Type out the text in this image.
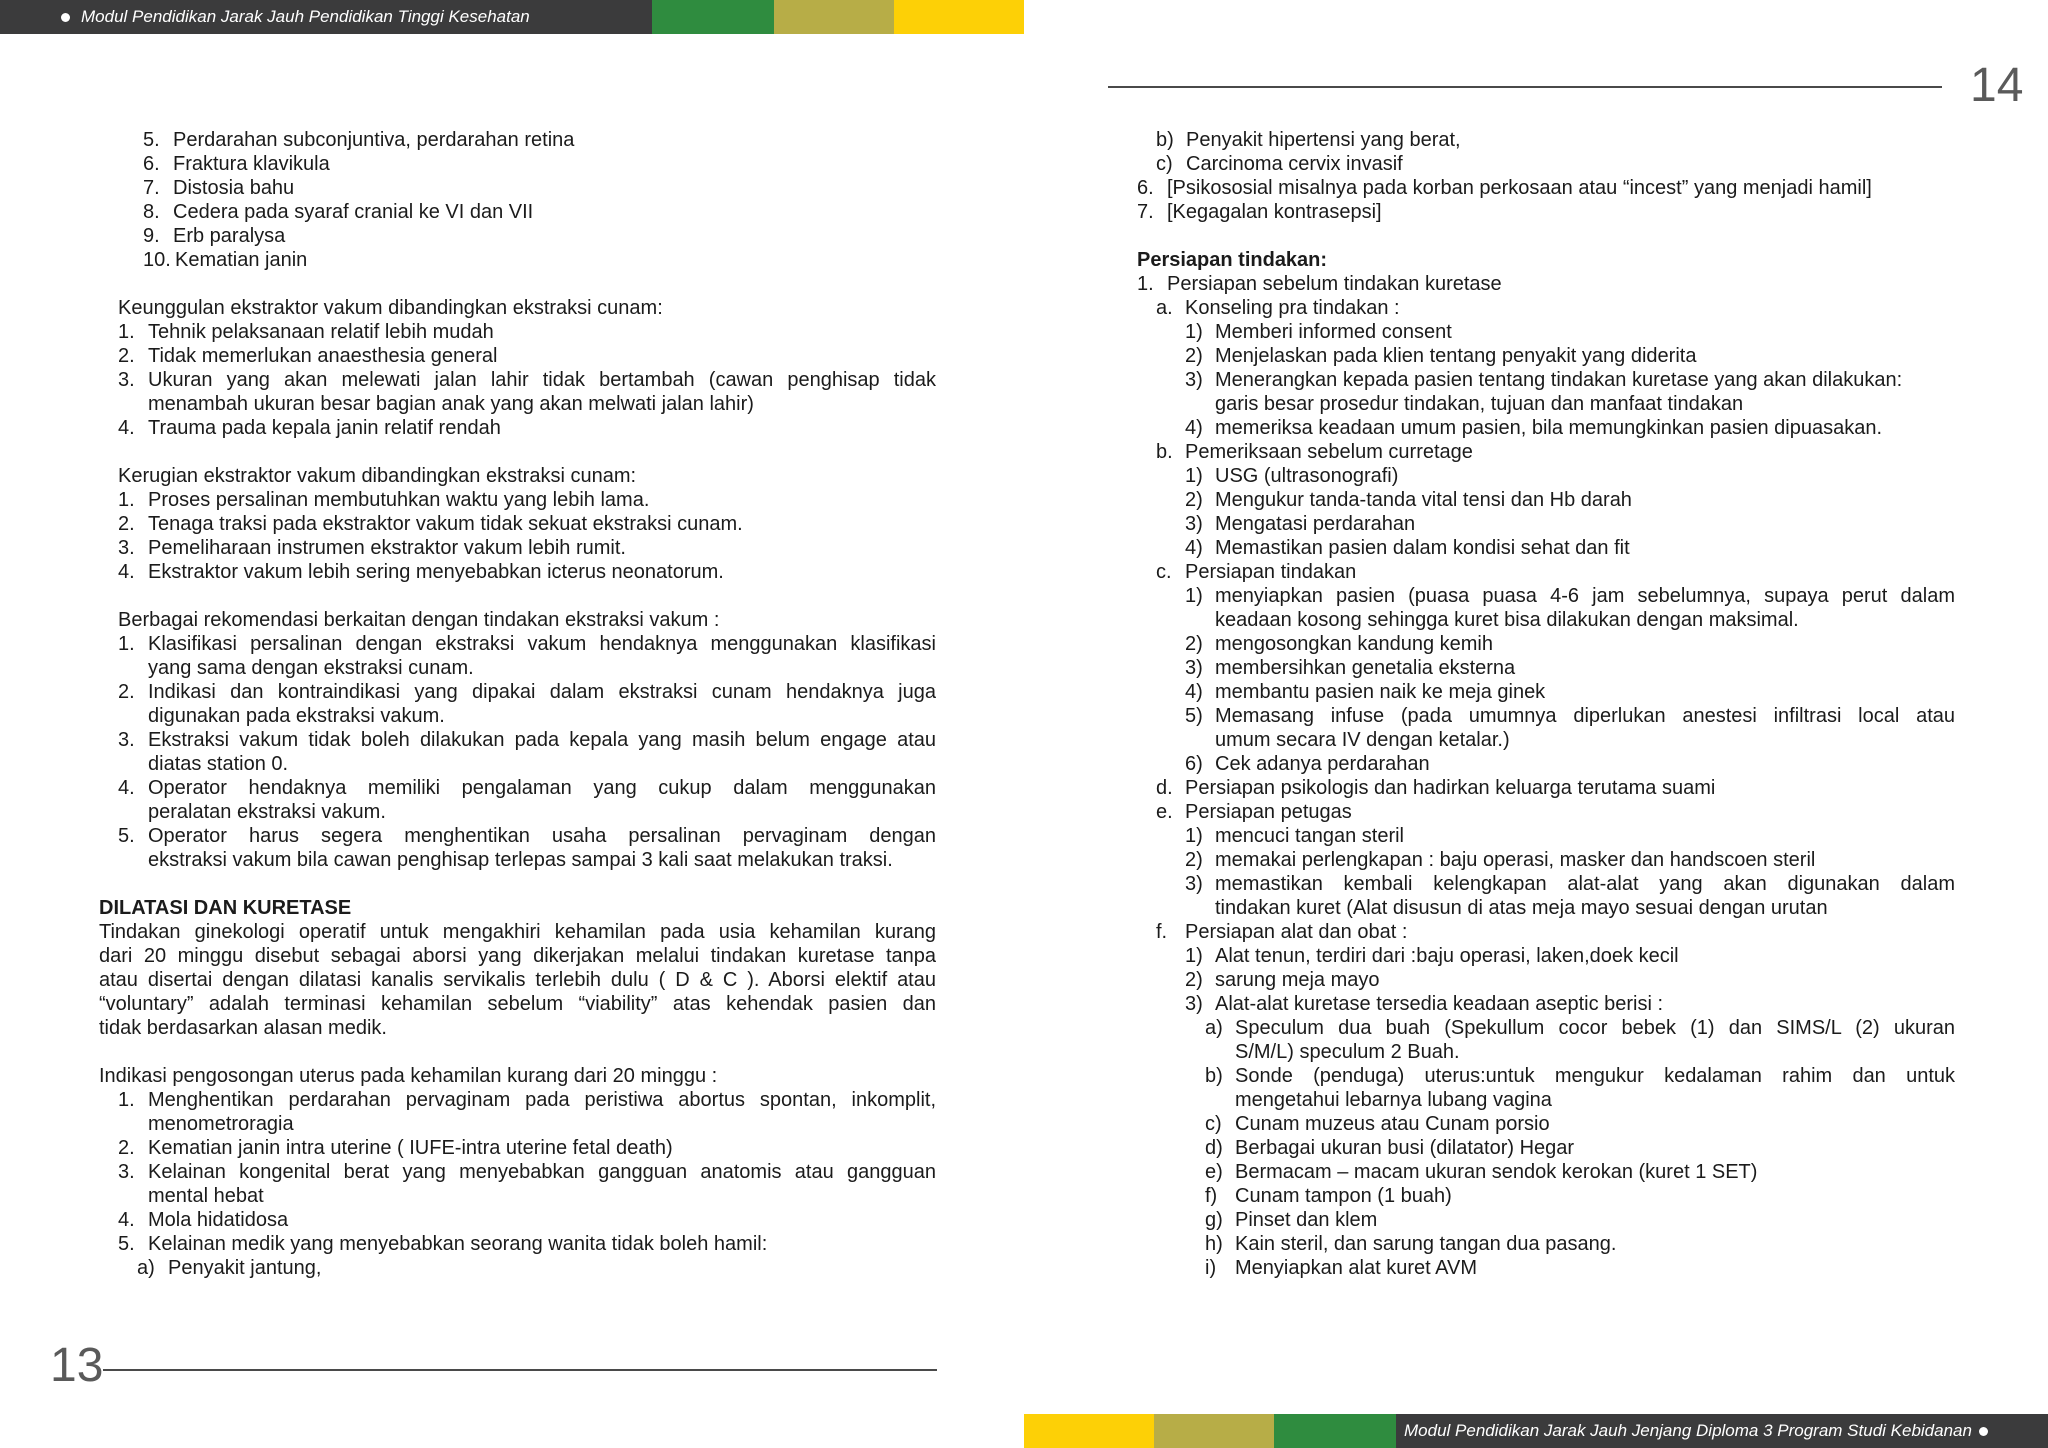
Modul Pendidikan Jarak Jauh Pendidikan Tinggi Kesehatan
14
13
Modul Pendidikan Jarak Jauh Jenjang Diploma 3 Program Studi Kebidanan
5. Perdarahan subconjuntiva, perdarahan retina
6. Fraktura klavikula
7. Distosia bahu
8. Cedera pada syaraf cranial ke VI dan VII
9. Erb paralysa
10. Kematian janin
Keunggulan ekstraktor vakum dibandingkan ekstraksi cunam:
1. Tehnik pelaksanaan relatif lebih mudah
2. Tidak memerlukan anaesthesia general
3. Ukuran yang akan melewati jalan lahir tidak bertambah (cawan penghisap tidak
menambah ukuran besar bagian anak yang akan melwati jalan lahir)
4. Trauma pada kepala janin relatif rendah
Kerugian ekstraktor vakum dibandingkan ekstraksi cunam:
1. Proses persalinan membutuhkan waktu yang lebih lama.
2. Tenaga traksi pada ekstraktor vakum tidak sekuat ekstraksi cunam.
3. Pemeliharaan instrumen ekstraktor vakum lebih rumit.
4. Ekstraktor vakum lebih sering menyebabkan icterus neonatorum.
Berbagai rekomendasi berkaitan dengan tindakan ekstraksi vakum :
1. Klasifikasi persalinan dengan ekstraksi vakum hendaknya menggunakan klasifikasi
yang sama dengan ekstraksi cunam.
2. Indikasi dan kontraindikasi yang dipakai dalam ekstraksi cunam hendaknya juga
digunakan pada ekstraksi vakum.
3. Ekstraksi vakum tidak boleh dilakukan pada kepala yang masih belum engage atau
diatas station 0.
4. Operator hendaknya memiliki pengalaman yang cukup dalam menggunakan
peralatan ekstraksi vakum.
5. Operator harus segera menghentikan usaha persalinan pervaginam dengan
ekstraksi vakum bila cawan penghisap terlepas sampai 3 kali saat melakukan traksi.
DILATASI DAN KURETASE
Tindakan ginekologi operatif untuk mengakhiri kehamilan pada usia kehamilan kurang
dari 20 minggu disebut sebagai aborsi yang dikerjakan melalui tindakan kuretase tanpa
atau disertai dengan dilatasi kanalis servikalis terlebih dulu ( D & C ). Aborsi elektif atau
“voluntary” adalah terminasi kehamilan sebelum “viability” atas kehendak pasien dan
tidak berdasarkan alasan medik.
Indikasi pengosongan uterus pada kehamilan kurang dari 20 minggu :
1. Menghentikan perdarahan pervaginam pada peristiwa abortus spontan, inkomplit,
menometroragia
2. Kematian janin intra uterine ( IUFE-intra uterine fetal death)
3. Kelainan kongenital berat yang menyebabkan gangguan anatomis atau gangguan
mental hebat
4. Mola hidatidosa
5. Kelainan medik yang menyebabkan seorang wanita tidak boleh hamil:
a) Penyakit jantung,
b) Penyakit hipertensi yang berat,
c) Carcinoma cervix invasif
6. [Psikososial misalnya pada korban perkosaan atau “incest” yang menjadi hamil]
7. [Kegagalan kontrasepsi]
Persiapan tindakan:
1. Persiapan sebelum tindakan kuretase
a. Konseling pra tindakan :
1) Memberi informed consent
2) Menjelaskan pada klien tentang penyakit yang diderita
3) Menerangkan kepada pasien tentang tindakan kuretase yang akan dilakukan:
garis besar prosedur tindakan, tujuan dan manfaat tindakan
4) memeriksa keadaan umum pasien, bila memungkinkan pasien dipuasakan.
b. Pemeriksaan sebelum curretage
1) USG (ultrasonografi)
2) Mengukur tanda-tanda vital tensi dan Hb darah
3) Mengatasi perdarahan
4) Memastikan pasien dalam kondisi sehat dan fit
c. Persiapan tindakan
1) menyiapkan pasien (puasa puasa 4-6 jam sebelumnya, supaya perut dalam
keadaan kosong sehingga kuret bisa dilakukan dengan maksimal.
2) mengosongkan kandung kemih
3) membersihkan genetalia eksterna
4) membantu pasien naik ke meja ginek
5) Memasang infuse (pada umumnya diperlukan anestesi infiltrasi local atau
umum secara IV dengan ketalar.)
6) Cek adanya perdarahan
d. Persiapan psikologis dan hadirkan keluarga terutama suami
e. Persiapan petugas
1) mencuci tangan steril
2) memakai perlengkapan : baju operasi, masker dan handscoen steril
3) memastikan kembali kelengkapan alat-alat yang akan digunakan dalam
tindakan kuret (Alat disusun di atas meja mayo sesuai dengan urutan
f. Persiapan alat dan obat :
1) Alat tenun, terdiri dari :baju operasi, laken,doek kecil
2) sarung meja mayo
3) Alat-alat kuretase tersedia keadaan aseptic berisi :
a) Speculum dua buah (Spekullum cocor bebek (1) dan SIMS/L (2) ukuran
S/M/L) speculum 2 Buah.
b) Sonde (penduga) uterus:untuk mengukur kedalaman rahim dan untuk
mengetahui lebarnya lubang vagina
c) Cunam muzeus atau Cunam porsio
d) Berbagai ukuran busi (dilatator) Hegar
e) Bermacam – macam ukuran sendok kerokan (kuret 1 SET)
f) Cunam tampon (1 buah)
g) Pinset dan klem
h) Kain steril, dan sarung tangan dua pasang.
i) Menyiapkan alat kuret AVM
